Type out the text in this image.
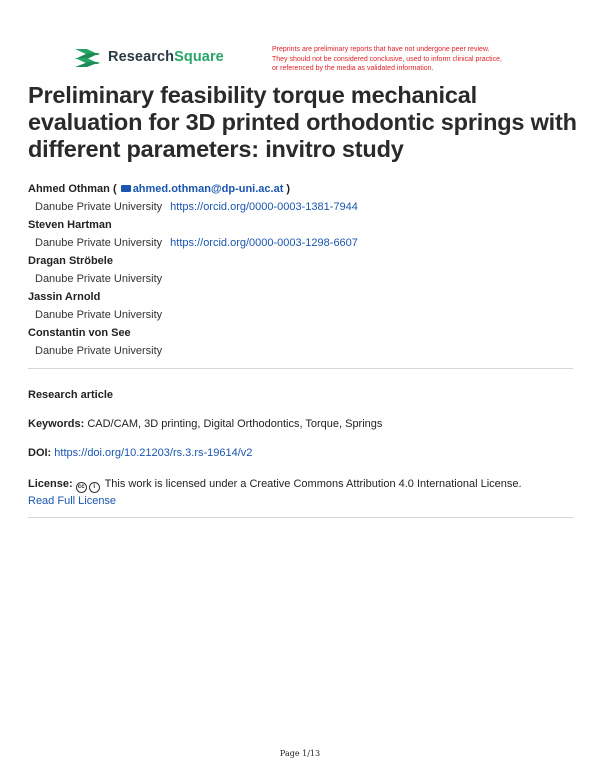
ResearchSquare	Preprints are preliminary reports that have not undergone peer review.
They should not be considered conclusive, used to inform clinical practice,
or referenced by the media as validated information.
Preliminary feasibility torque mechanical evaluation for 3D printed orthodontic springs with different parameters: invitro study
Ahmed Othman ( ahmed.othman@dp-uni.ac.at )
Danube Private University https://orcid.org/0000-0003-1381-7944
Steven Hartman
Danube Private University https://orcid.org/0000-0003-1298-6607
Dragan Ströbele
Danube Private University
Jassin Arnold
Danube Private University
Constantin von See
Danube Private University
Research article
Keywords: CAD/CAM, 3D printing, Digital Orthodontics, Torque, Springs
DOI: https://doi.org/10.21203/rs.3.rs-19614/v2
License: cc i This work is licensed under a Creative Commons Attribution 4.0 International License.
Read Full License
Page 1/13
